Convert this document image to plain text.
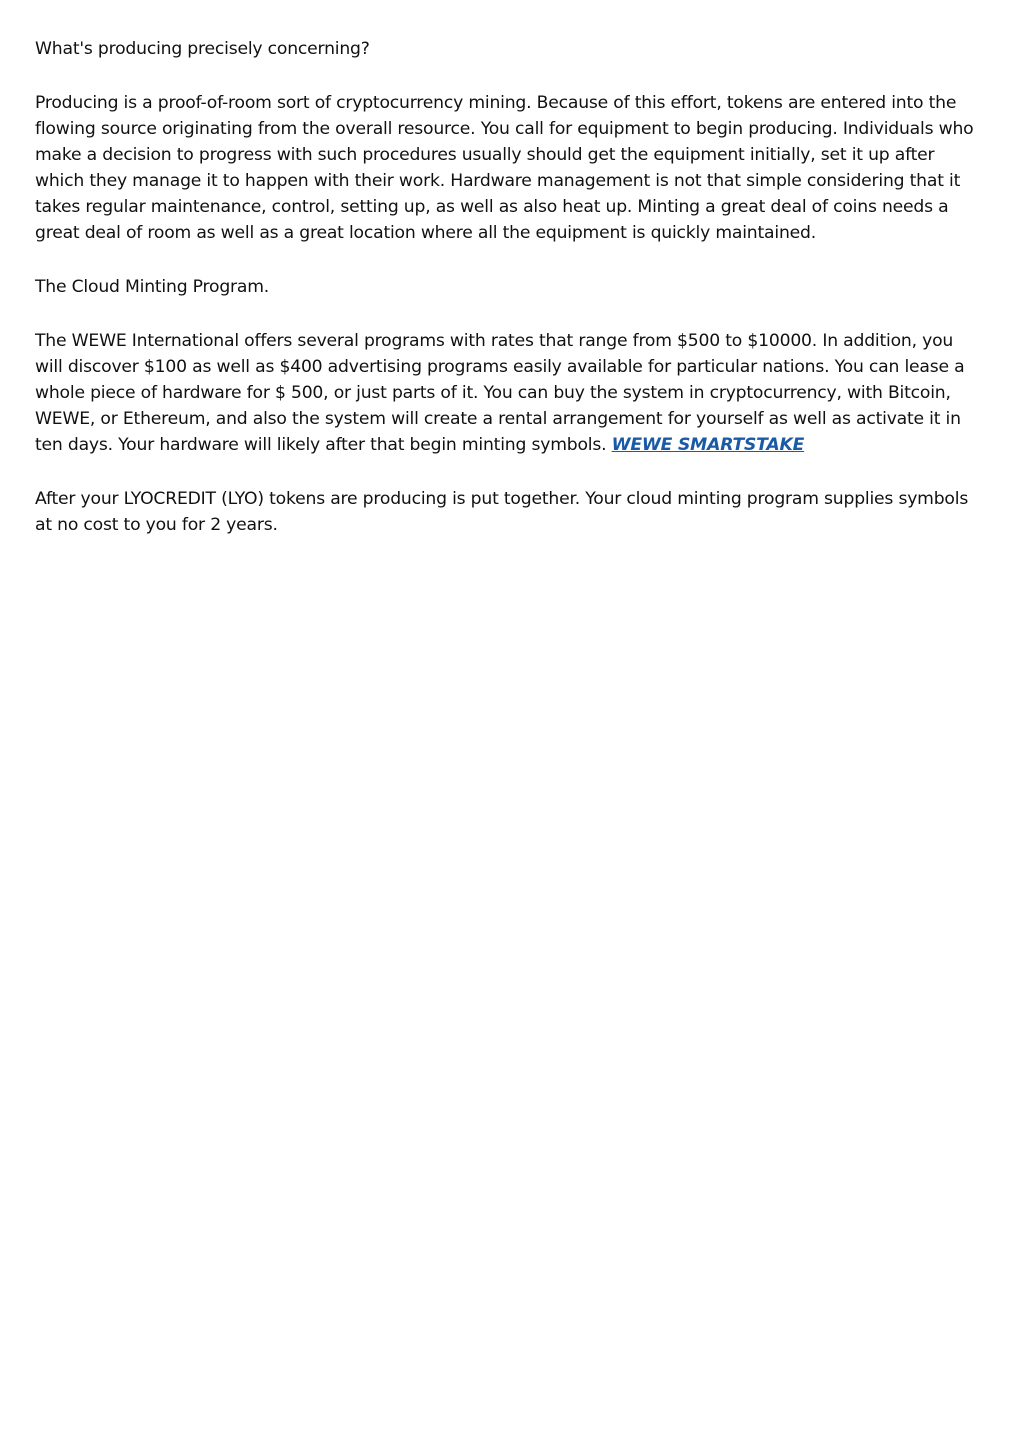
What's producing precisely concerning?

Producing is a proof-of-room sort of cryptocurrency mining. Because of this effort, tokens are entered into the flowing source originating from the overall resource. You call for equipment to begin producing. Individuals who make a decision to progress with such procedures usually should get the equipment initially, set it up after which they manage it to happen with their work. Hardware management is not that simple considering that it takes regular maintenance, control, setting up, as well as also heat up. Minting a great deal of coins needs a great deal of room as well as a great location where all the equipment is quickly maintained.

The Cloud Minting Program.

The WEWE International offers several programs with rates that range from $500 to $10000. In addition, you will discover $100 as well as $400 advertising programs easily available for particular nations. You can lease a whole piece of hardware for $ 500, or just parts of it. You can buy the system in cryptocurrency, with Bitcoin, WEWE, or Ethereum, and also the system will create a rental arrangement for yourself as well as activate it in ten days. Your hardware will likely after that begin minting symbols. WEWE SMARTSTAKE

After your LYOCREDIT (LYO) tokens are producing is put together. Your cloud minting program supplies symbols at no cost to you for 2 years.
